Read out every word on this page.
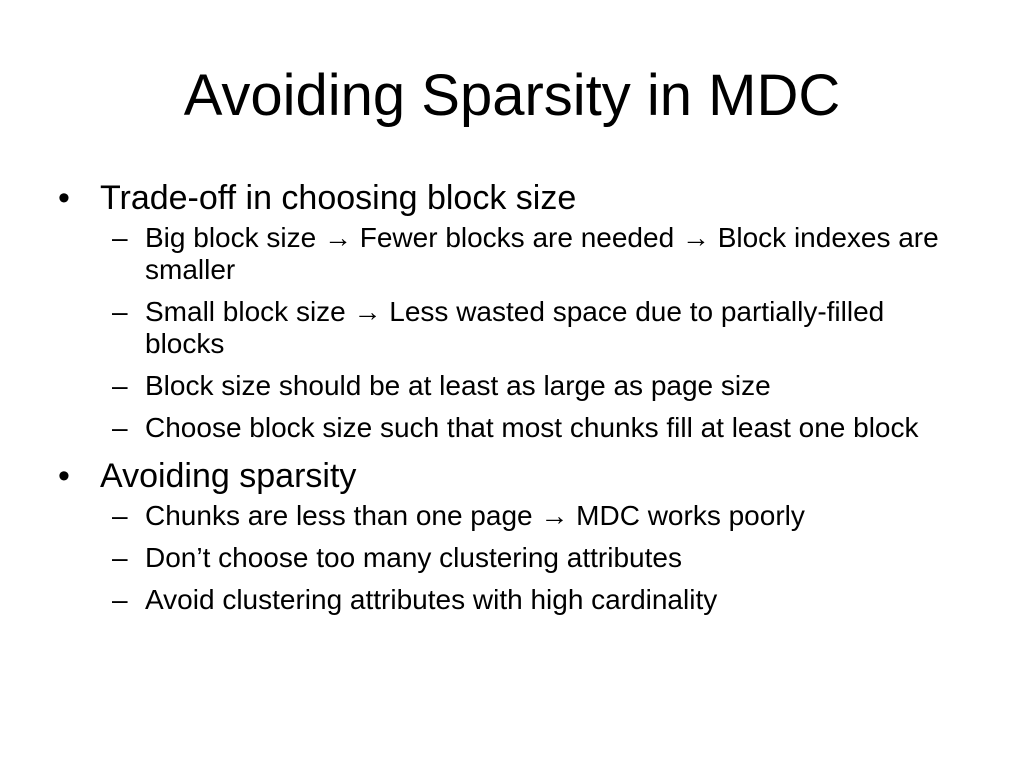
Avoiding Sparsity in MDC
• Trade-off in choosing block size
– Big block size → Fewer blocks are needed → Block indexes are smaller
– Small block size → Less wasted space due to partially-filled blocks
– Block size should be at least as large as page size
– Choose block size such that most chunks fill at least one block
• Avoiding sparsity
– Chunks are less than one page → MDC works poorly
– Don’t choose too many clustering attributes
– Avoid clustering attributes with high cardinality
